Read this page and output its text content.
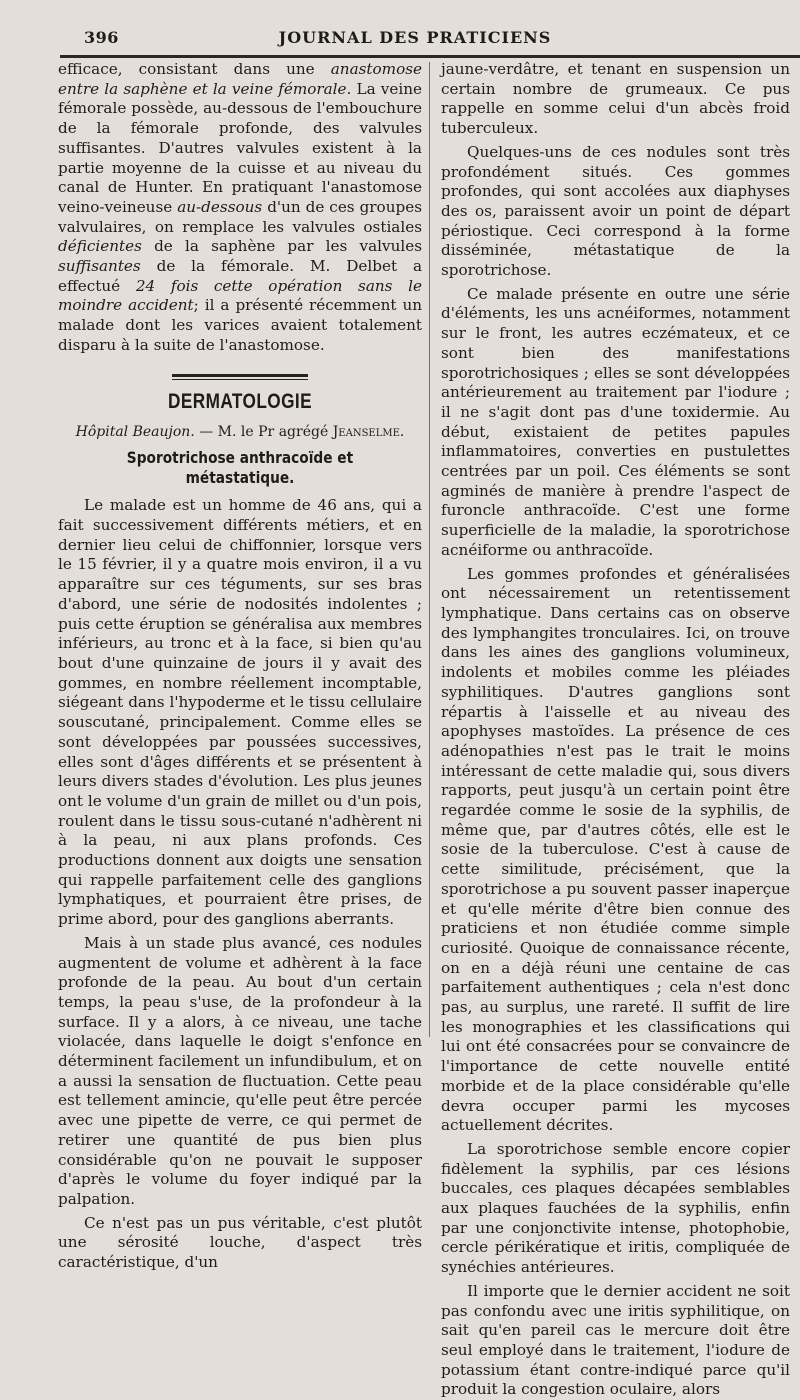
396	JOURNAL DES PRATICIENS

efficace, consistant dans une anastomose entre la saphène et la veine fémorale. La veine fémorale possède, au-dessous de l'embouchure de la fémorale profonde, des valvules suffisantes. D'autres valvules existent à la partie moyenne de la cuisse et au niveau du canal de Hunter. En pratiquant l'anastomose veino-veineuse au-dessous d'un de ces groupes valvulaires, on remplace les valvules ostiales déficientes de la saphène par les valvules suffisantes de la fémorale. M. Delbet a effectué 24 fois cette opération sans le moindre accident; il a présenté récemment un malade dont les varices avaient totalement disparu à la suite de l'anastomose.

DERMATOLOGIE
Hôpital Beaujon. — M. le Pr agrégé Jeanselme.
Sporotrichose anthracoïde et métastatique.

Le malade est un homme de 46 ans, qui a fait successivement différents métiers, et en dernier lieu celui de chiffonnier, lorsque vers le 15 février, il y a quatre mois environ, il a vu apparaître sur ces téguments, sur ses bras d'abord, une série de nodosités indolentes ; puis cette éruption se généralisa aux membres inférieurs, au tronc et à la face, si bien qu'au bout d'une quinzaine de jours il y avait des gommes, en nombre réellement incomptable, siégeant dans l'hypoderme et le tissu cellulaire souscutané, principalement. Comme elles se sont développées par poussées successives, elles sont d'âges différents et se présentent à leurs divers stades d'évolution. Les plus jeunes ont le volume d'un grain de millet ou d'un pois, roulent dans le tissu sous-cutané n'adhèrent ni à la peau, ni aux plans profonds. Ces productions donnent aux doigts une sensation qui rappelle parfaitement celle des ganglions lymphatiques, et pourraient être prises, de prime abord, pour des ganglions aberrants.

Mais à un stade plus avancé, ces nodules augmentent de volume et adhèrent à la face profonde de la peau. Au bout d'un certain temps, la peau s'use, de la profondeur à la surface. Il y a alors, à ce niveau, une tache violacée, dans laquelle le doigt s'enfonce en déterminent facilement un infundibulum, et on a aussi la sensation de fluctuation. Cette peau est tellement amincie, qu'elle peut être percée avec une pipette de verre, ce qui permet de retirer une quantité de pus bien plus considérable qu'on ne pouvait le supposer d'après le volume du foyer indiqué par la palpation.

Ce n'est pas un pus véritable, c'est plutôt une sérosité louche, d'aspect très caractéristique, d'un

jaune-verdâtre, et tenant en suspension un certain nombre de grumeaux. Ce pus rappelle en somme celui d'un abcès froid tuberculeux.

Quelques-uns de ces nodules sont très profondément situés. Ces gommes profondes, qui sont accolées aux diaphyses des os, paraissent avoir un point de départ périostique. Ceci correspond à la forme disséminée, métastatique de la sporotrichose.

Ce malade présente en outre une série d'éléments, les uns acnéiformes, notamment sur le front, les autres eczémateux, et ce sont bien des manifestations sporotrichosiques ; elles se sont développées antérieurement au traitement par l'iodure ; il ne s'agit dont pas d'une toxidermie. Au début, existaient de petites papules inflammatoires, converties en pustulettes centrées par un poil. Ces éléments se sont agminés de manière à prendre l'aspect de furoncle anthracoïde. C'est une forme superficielle de la maladie, la sporotrichose acnéiforme ou anthracoïde.

Les gommes profondes et généralisées ont nécessairement un retentissement lymphatique. Dans certains cas on observe des lymphangites tronculaires. Ici, on trouve dans les aines des ganglions volumineux, indolents et mobiles comme les pléiades syphilitiques. D'autres ganglions sont répartis à l'aisselle et au niveau des apophyses mastoïdes. La présence de ces adénopathies n'est pas le trait le moins intéressant de cette maladie qui, sous divers rapports, peut jusqu'à un certain point être regardée comme le sosie de la syphilis, de même que, par d'autres côtés, elle est le sosie de la tuberculose. C'est à cause de cette similitude, précisément, que la sporotrichose a pu souvent passer inaperçue et qu'elle mérite d'être bien connue des praticiens et non étudiée comme simple curiosité. Quoique de connaissance récente, on en a déjà réuni une centaine de cas parfaitement authentiques ; cela n'est donc pas, au surplus, une rareté. Il suffit de lire les monographies et les classifications qui lui ont été consacrées pour se convaincre de l'importance de cette nouvelle entité morbide et de la place considérable qu'elle devra occuper parmi les mycoses actuellement décrites.

La sporotrichose semble encore copier fidèlement la syphilis, par ces lésions buccales, ces plaques décapées semblables aux plaques fauchées de la syphilis, enfin par une conjonctivite intense, photophobie, cercle périkératique et iritis, compliquée de synéchies antérieures.

Il importe que le dernier accident ne soit pas confondu avec une iritis syphilitique, on sait qu'en pareil cas le mercure doit être seul employé dans le traitement, l'iodure de potassium étant contre-indiqué parce qu'il produit la congestion oculaire, alors
